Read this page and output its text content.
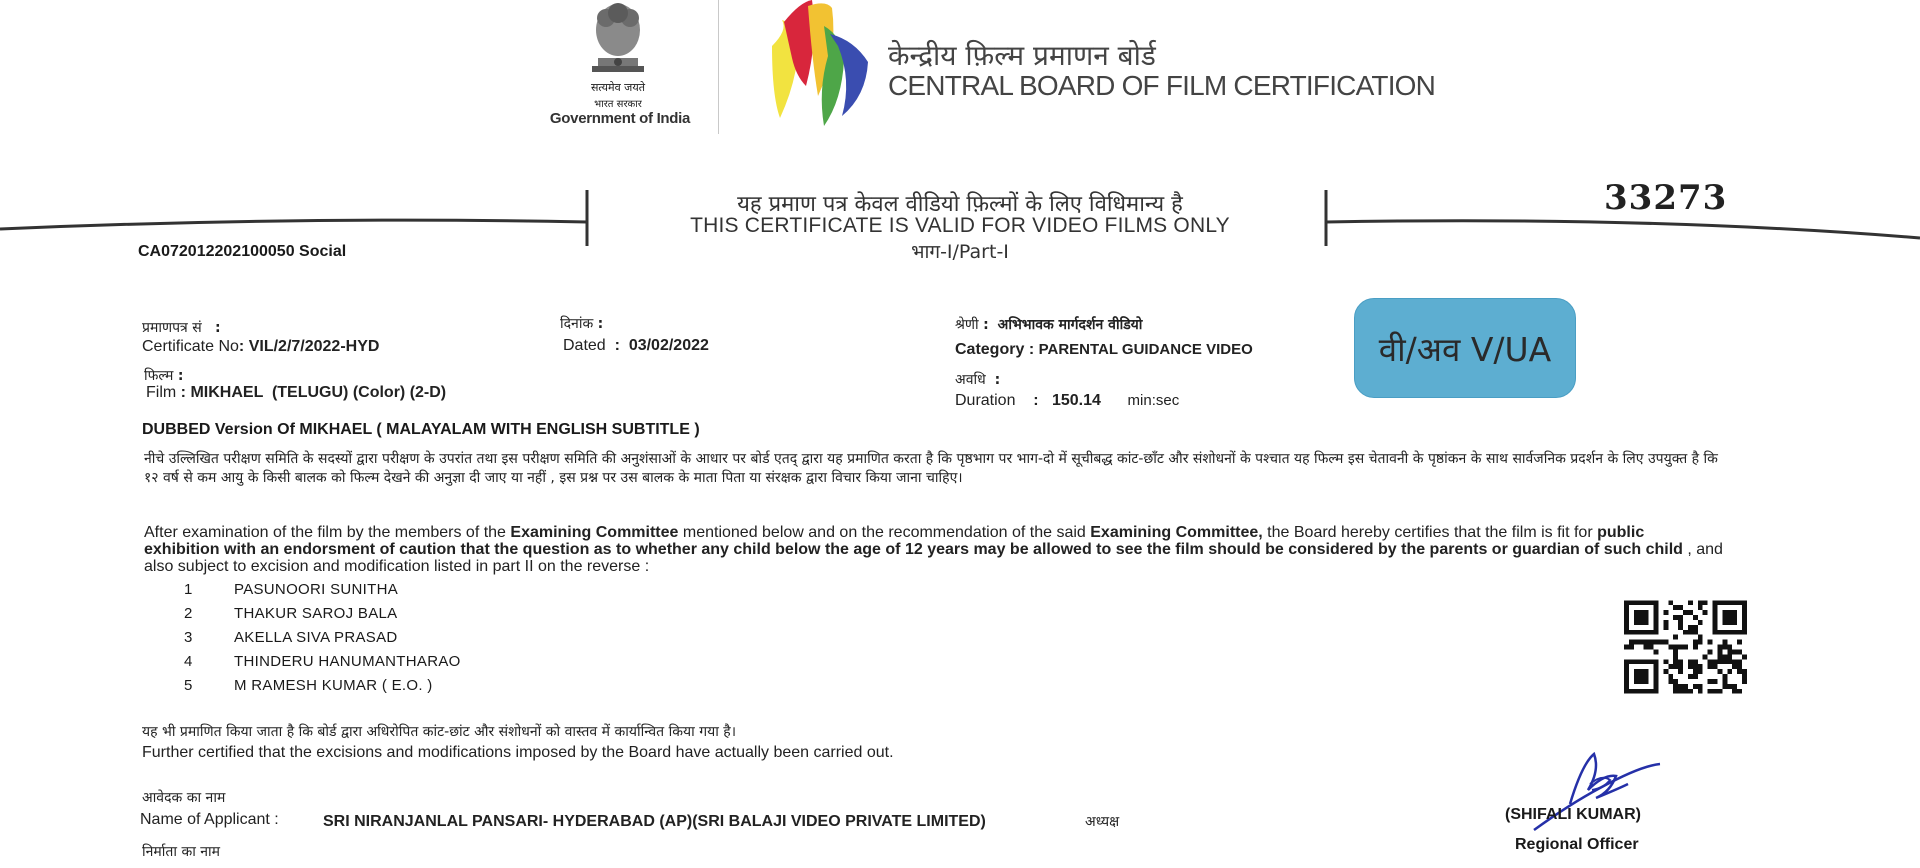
सत्यमेव जयते
भारत सरकार
Government of India
केन्द्रीय फ़िल्म प्रमाणन बोर्ड
CENTRAL BOARD OF FILM CERTIFICATION
33273
यह प्रमाण पत्र केवल वीडियो फ़िल्मों के लिए विधिमान्य है
THIS CERTIFICATE IS VALID FOR VIDEO FILMS ONLY
भाग-I/Part-I
CA072012202100050 Social
प्रमाणपत्र सं :
Certificate No: VIL/2/7/2022-HYD
दिनांक :
Dated : 03/02/2022
श्रेणी : अभिभावक मार्गदर्शन वीडियो
Category : PARENTAL GUIDANCE VIDEO	वी/अव V/UA
फिल्म :
Film : MIKHAEL  (TELUGU) (Color) (2-D)
अवधि :
Duration : 150.14 min:sec
DUBBED Version Of MIKHAEL ( MALAYALAM WITH ENGLISH SUBTITLE )
नीचे उल्लिखित परीक्षण समिति के सदस्यों द्वारा परीक्षण के उपरांत तथा इस परीक्षण समिति की अनुशंसाओं के आधार पर बोर्ड एतद् द्वारा यह प्रमाणित करता है कि पृष्ठभाग पर भाग-दो में सूचीबद्ध कांट-छाँट और संशोधनों के पश्चात यह फिल्म इस चेतावनी के पृष्ठांकन के साथ सार्वजनिक प्रदर्शन के लिए उपयुक्त है कि १२ वर्ष से कम आयु के किसी बालक को फिल्म देखने की अनुज्ञा दी जाए या नहीं , इस प्रश्न पर उस बालक के माता पिता या संरक्षक द्वारा विचार किया जाना चाहिए।
After examination of the film by the members of the Examining Committee mentioned below and on the recommendation of the said Examining Committee, the Board hereby certifies that the film is fit for public exhibition with an endorsment of caution that the question as to whether any child below the age of 12 years may be allowed to see the film should be considered by the parents or guardian of such child , and also subject to excision and modification listed in part II on the reverse :
1	PASUNOORI SUNITHA
2	THAKUR SAROJ BALA
3	AKELLA SIVA PRASAD
4	THINDERU HANUMANTHARAO
5	M RAMESH KUMAR ( E.O. )
यह भी प्रमाणित किया जाता है कि बोर्ड द्वारा अधिरोपित कांट-छांट और संशोधनों को वास्तव में कार्यान्वित किया गया है।
Further certified that the excisions and modifications imposed by the Board have actually been carried out.
आवेदक का नाम
Name of Applicant :	SRI NIRANJANLAL PANSARI- HYDERABAD (AP)(SRI BALAJI VIDEO PRIVATE LIMITED)
निर्माता का नाम
अध्यक्ष	(SHIFALI KUMAR)
Regional Officer
